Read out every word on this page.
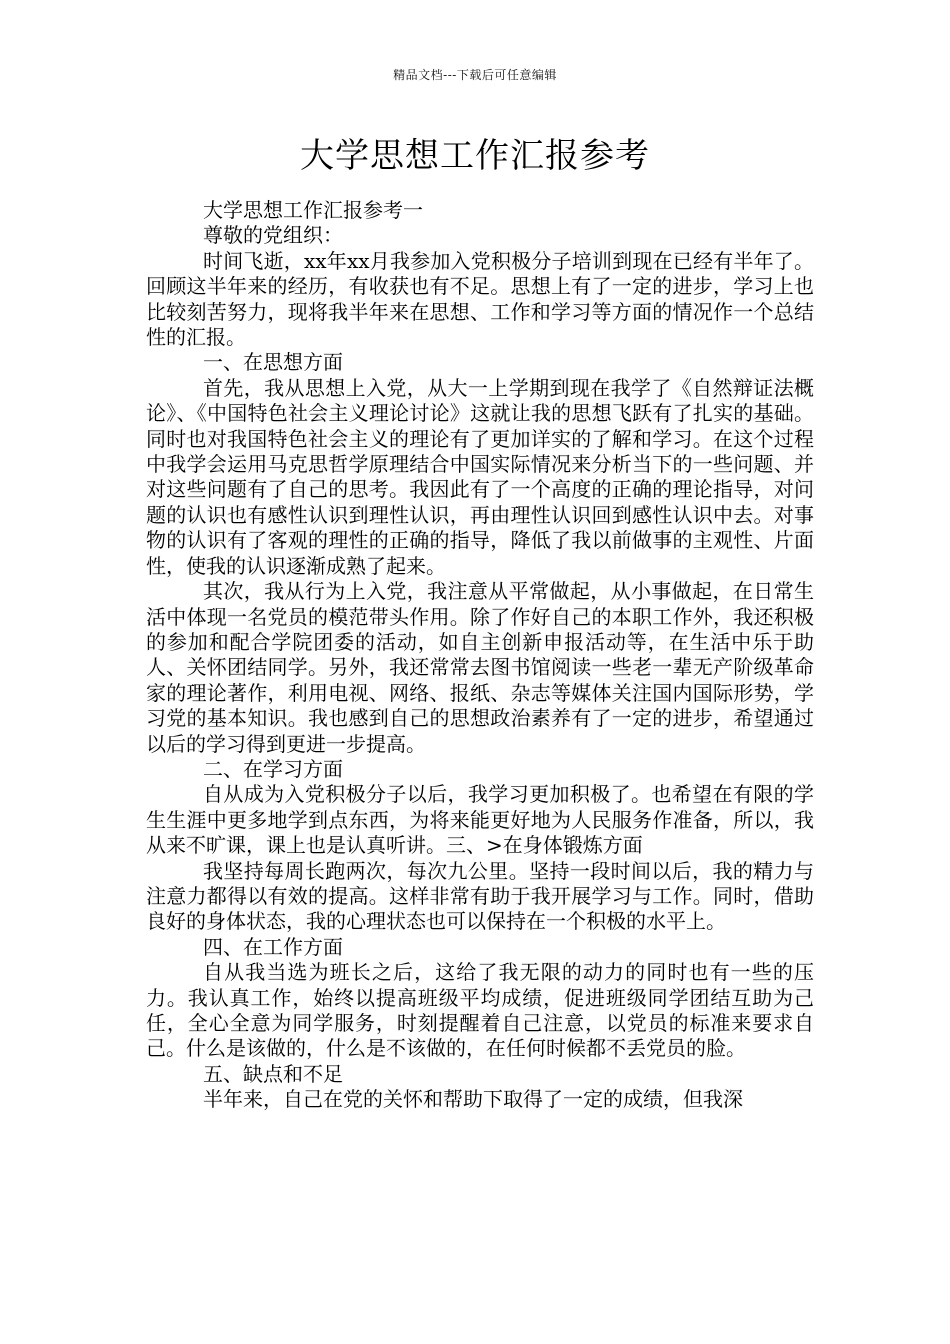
精品文档---下载后可任意编辑
大学思想工作汇报参考

大学思想工作汇报参考一

尊敬的党组织：

时间飞逝，xx年xx月我参加入党积极分子培训到现在已经有半年了。回顾这半年来的经历，有收获也有不足。思想上有了一定的进步，学习上也比较刻苦努力，现将我半年来在思想、工作和学习等方面的情况作一个总结性的汇报。

一、在思想方面

首先，我从思想上入党，从大一上学期到现在我学了《自然辩证法概论》、《中国特色社会主义理论讨论》这就让我的思想飞跃有了扎实的基础。同时也对我国特色社会主义的理论有了更加详实的了解和学习。在这个过程中我学会运用马克思哲学原理结合中国实际情况来分析当下的一些问题、并对这些问题有了自己的思考。我因此有了一个高度的正确的理论指导，对问题的认识也有感性认识到理性认识，再由理性认识回到感性认识中去。对事物的认识有了客观的理性的正确的指导，降低了我以前做事的主观性、片面性，使我的认识逐渐成熟了起来。

其次，我从行为上入党，我注意从平常做起，从小事做起，在日常生活中体现一名党员的模范带头作用。除了作好自己的本职工作外，我还积极的参加和配合学院团委的活动，如自主创新申报活动等，在生活中乐于助人、关怀团结同学。另外，我还常常去图书馆阅读一些老一辈无产阶级革命家的理论著作，利用电视、网络、报纸、杂志等媒体关注国内国际形势，学习党的基本知识。我也感到自己的思想政治素养有了一定的进步，希望通过以后的学习得到更进一步提高。

二、在学习方面

自从成为入党积极分子以后，我学习更加积极了。也希望在有限的学生生涯中更多地学到点东西，为将来能更好地为人民服务作准备，所以，我从来不旷课，课上也是认真听讲。三、>在身体锻炼方面

我坚持每周长跑两次，每次九公里。坚持一段时间以后，我的精力与注意力都得以有效的提高。这样非常有助于我开展学习与工作。同时，借助良好的身体状态，我的心理状态也可以保持在一个积极的水平上。

四、在工作方面

自从我当选为班长之后，这给了我无限的动力的同时也有一些的压力。我认真工作，始终以提高班级平均成绩，促进班级同学团结互助为己任，全心全意为同学服务，时刻提醒着自己注意，以党员的标准来要求自己。什么是该做的，什么是不该做的，在任何时候都不丢党员的脸。

五、缺点和不足

半年来，自己在党的关怀和帮助下取得了一定的成绩，但我深
